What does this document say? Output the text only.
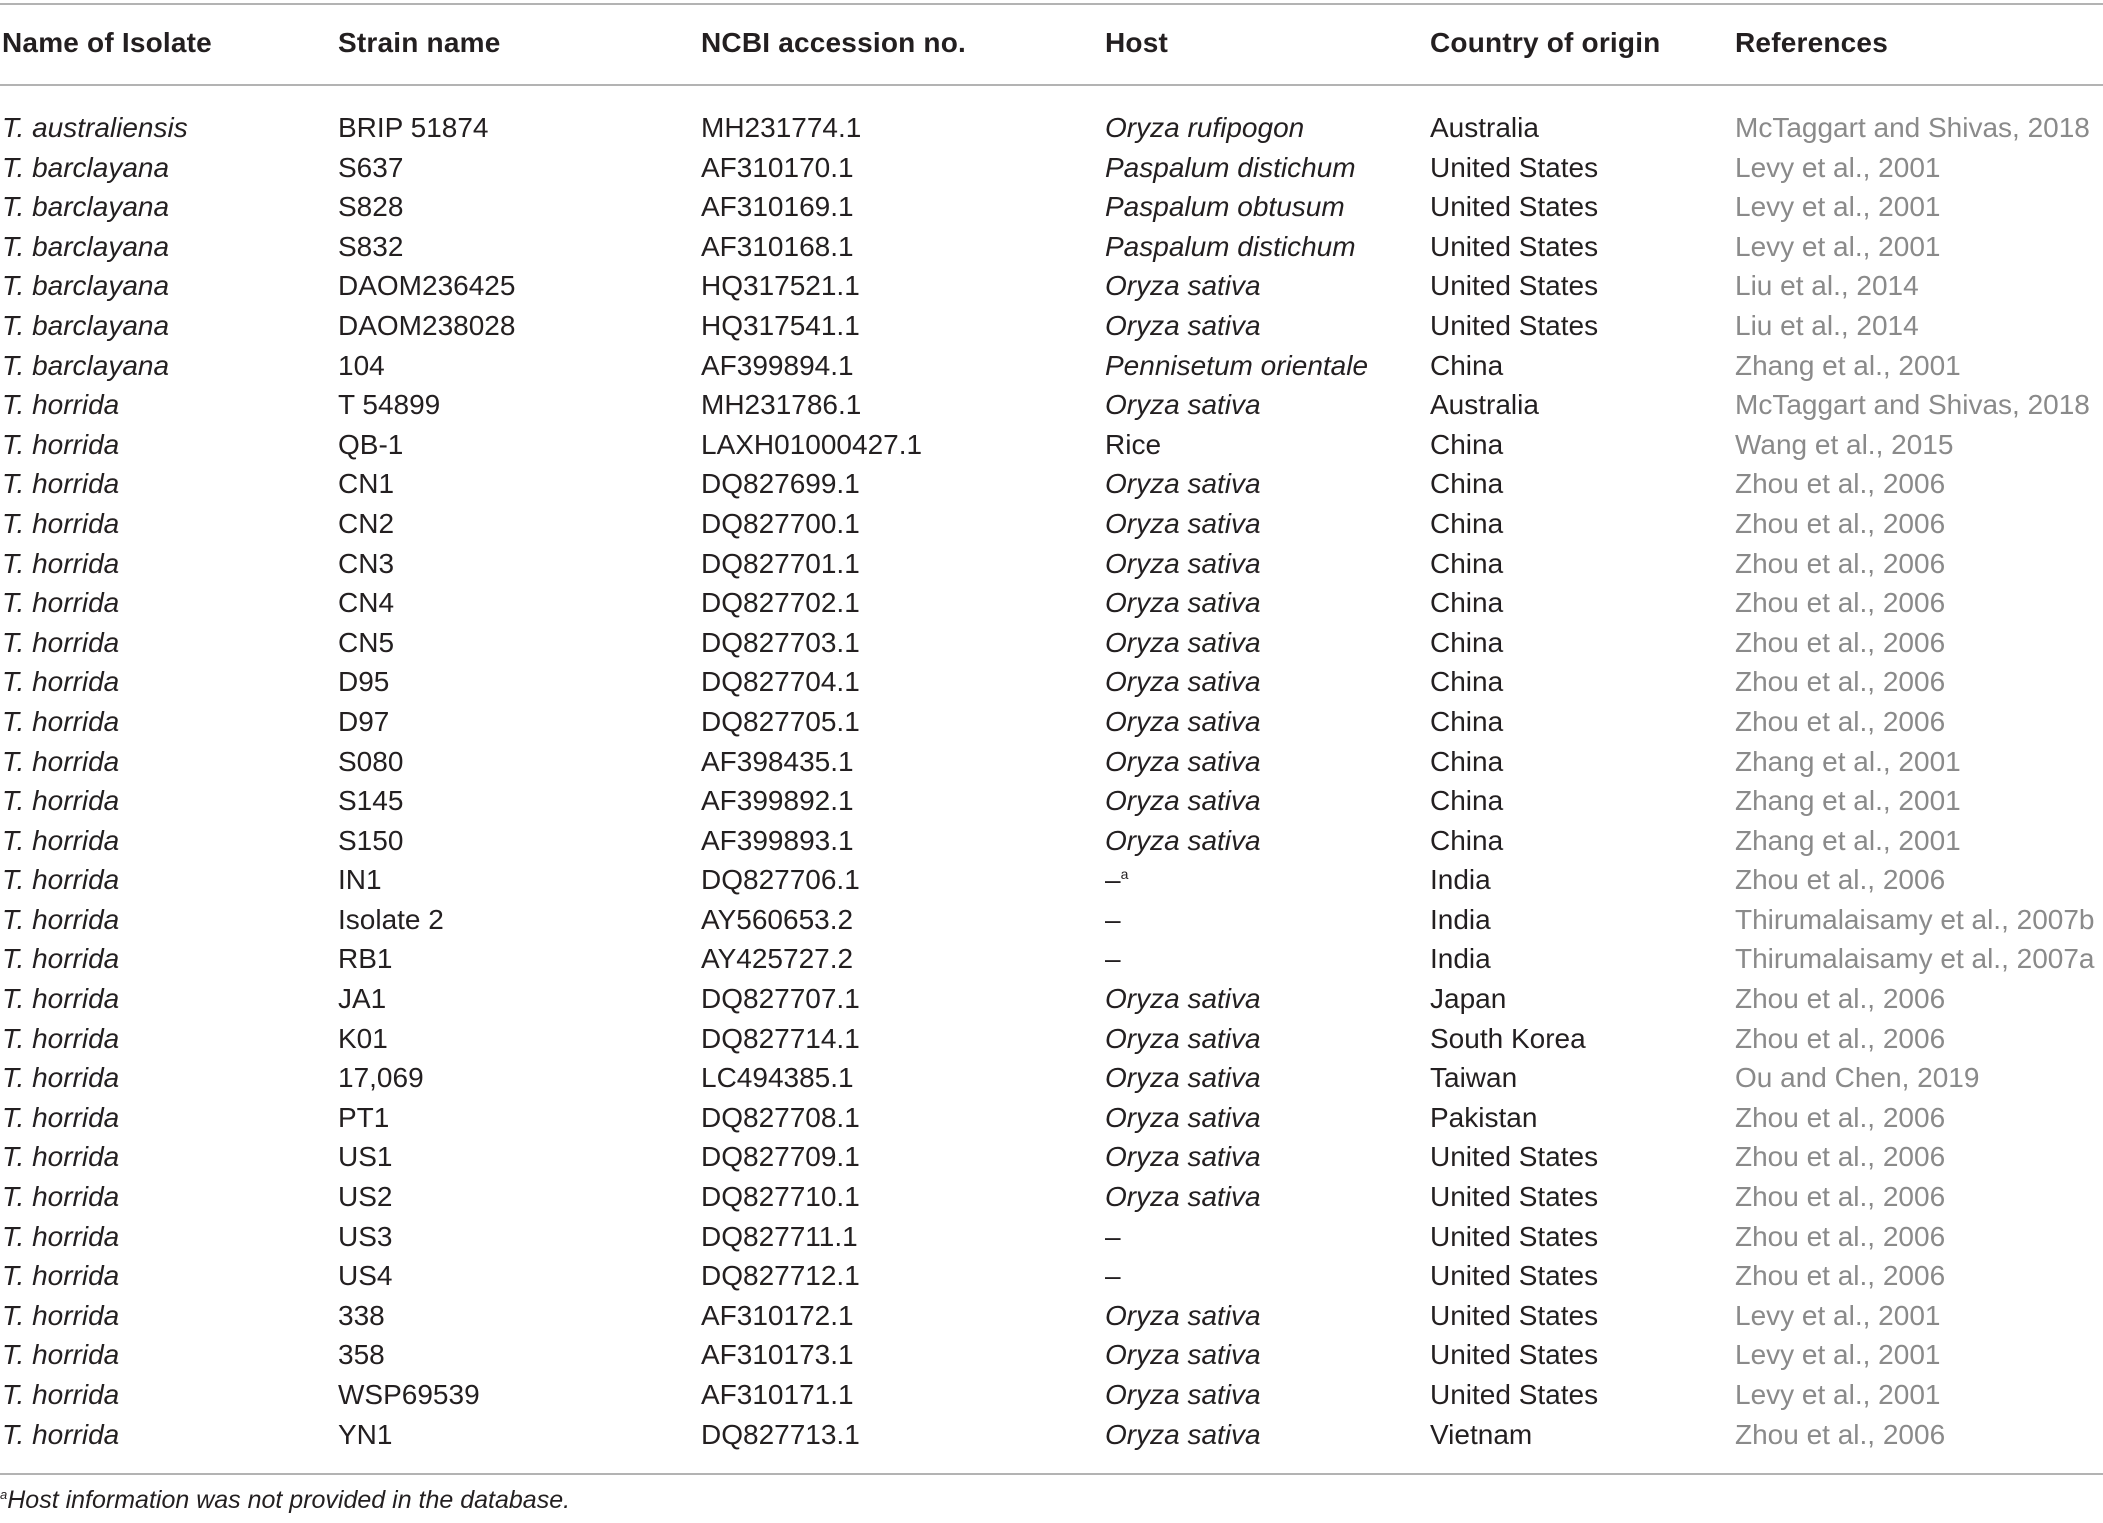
Name of Isolate	Strain name	NCBI accession no.	Host	Country of origin	References
T. australiensis	BRIP 51874	MH231774.1	Oryza rufipogon	Australia	McTaggart and Shivas, 2018
T. barclayana	S637	AF310170.1	Paspalum distichum	United States	Levy et al., 2001
T. barclayana	S828	AF310169.1	Paspalum obtusum	United States	Levy et al., 2001
T. barclayana	S832	AF310168.1	Paspalum distichum	United States	Levy et al., 2001
T. barclayana	DAOM236425	HQ317521.1	Oryza sativa	United States	Liu et al., 2014
T. barclayana	DAOM238028	HQ317541.1	Oryza sativa	United States	Liu et al., 2014
T. barclayana	104	AF399894.1	Pennisetum orientale	China	Zhang et al., 2001
T. horrida	T 54899	MH231786.1	Oryza sativa	Australia	McTaggart and Shivas, 2018
T. horrida	QB-1	LAXH01000427.1	Rice	China	Wang et al., 2015
T. horrida	CN1	DQ827699.1	Oryza sativa	China	Zhou et al., 2006
T. horrida	CN2	DQ827700.1	Oryza sativa	China	Zhou et al., 2006
T. horrida	CN3	DQ827701.1	Oryza sativa	China	Zhou et al., 2006
T. horrida	CN4	DQ827702.1	Oryza sativa	China	Zhou et al., 2006
T. horrida	CN5	DQ827703.1	Oryza sativa	China	Zhou et al., 2006
T. horrida	D95	DQ827704.1	Oryza sativa	China	Zhou et al., 2006
T. horrida	D97	DQ827705.1	Oryza sativa	China	Zhou et al., 2006
T. horrida	S080	AF398435.1	Oryza sativa	China	Zhang et al., 2001
T. horrida	S145	AF399892.1	Oryza sativa	China	Zhang et al., 2001
T. horrida	S150	AF399893.1	Oryza sativa	China	Zhang et al., 2001
T. horrida	IN1	DQ827706.1	–$^a$	India	Zhou et al., 2006
T. horrida	Isolate 2	AY560653.2	–	India	Thirumalaisamy et al., 2007b
T. horrida	RB1	AY425727.2	–	India	Thirumalaisamy et al., 2007a
T. horrida	JA1	DQ827707.1	Oryza sativa	Japan	Zhou et al., 2006
T. horrida	K01	DQ827714.1	Oryza sativa	South Korea	Zhou et al., 2006
T. horrida	17,069	LC494385.1	Oryza sativa	Taiwan	Ou and Chen, 2019
T. horrida	PT1	DQ827708.1	Oryza sativa	Pakistan	Zhou et al., 2006
T. horrida	US1	DQ827709.1	Oryza sativa	United States	Zhou et al., 2006
T. horrida	US2	DQ827710.1	Oryza sativa	United States	Zhou et al., 2006
T. horrida	US3	DQ827711.1	–	United States	Zhou et al., 2006
T. horrida	US4	DQ827712.1	–	United States	Zhou et al., 2006
T. horrida	338	AF310172.1	Oryza sativa	United States	Levy et al., 2001
T. horrida	358	AF310173.1	Oryza sativa	United States	Levy et al., 2001
T. horrida	WSP69539	AF310171.1	Oryza sativa	United States	Levy et al., 2001
T. horrida	YN1	DQ827713.1	Oryza sativa	Vietnam	Zhou et al., 2006
$^a$Host information was not provided in the database.
